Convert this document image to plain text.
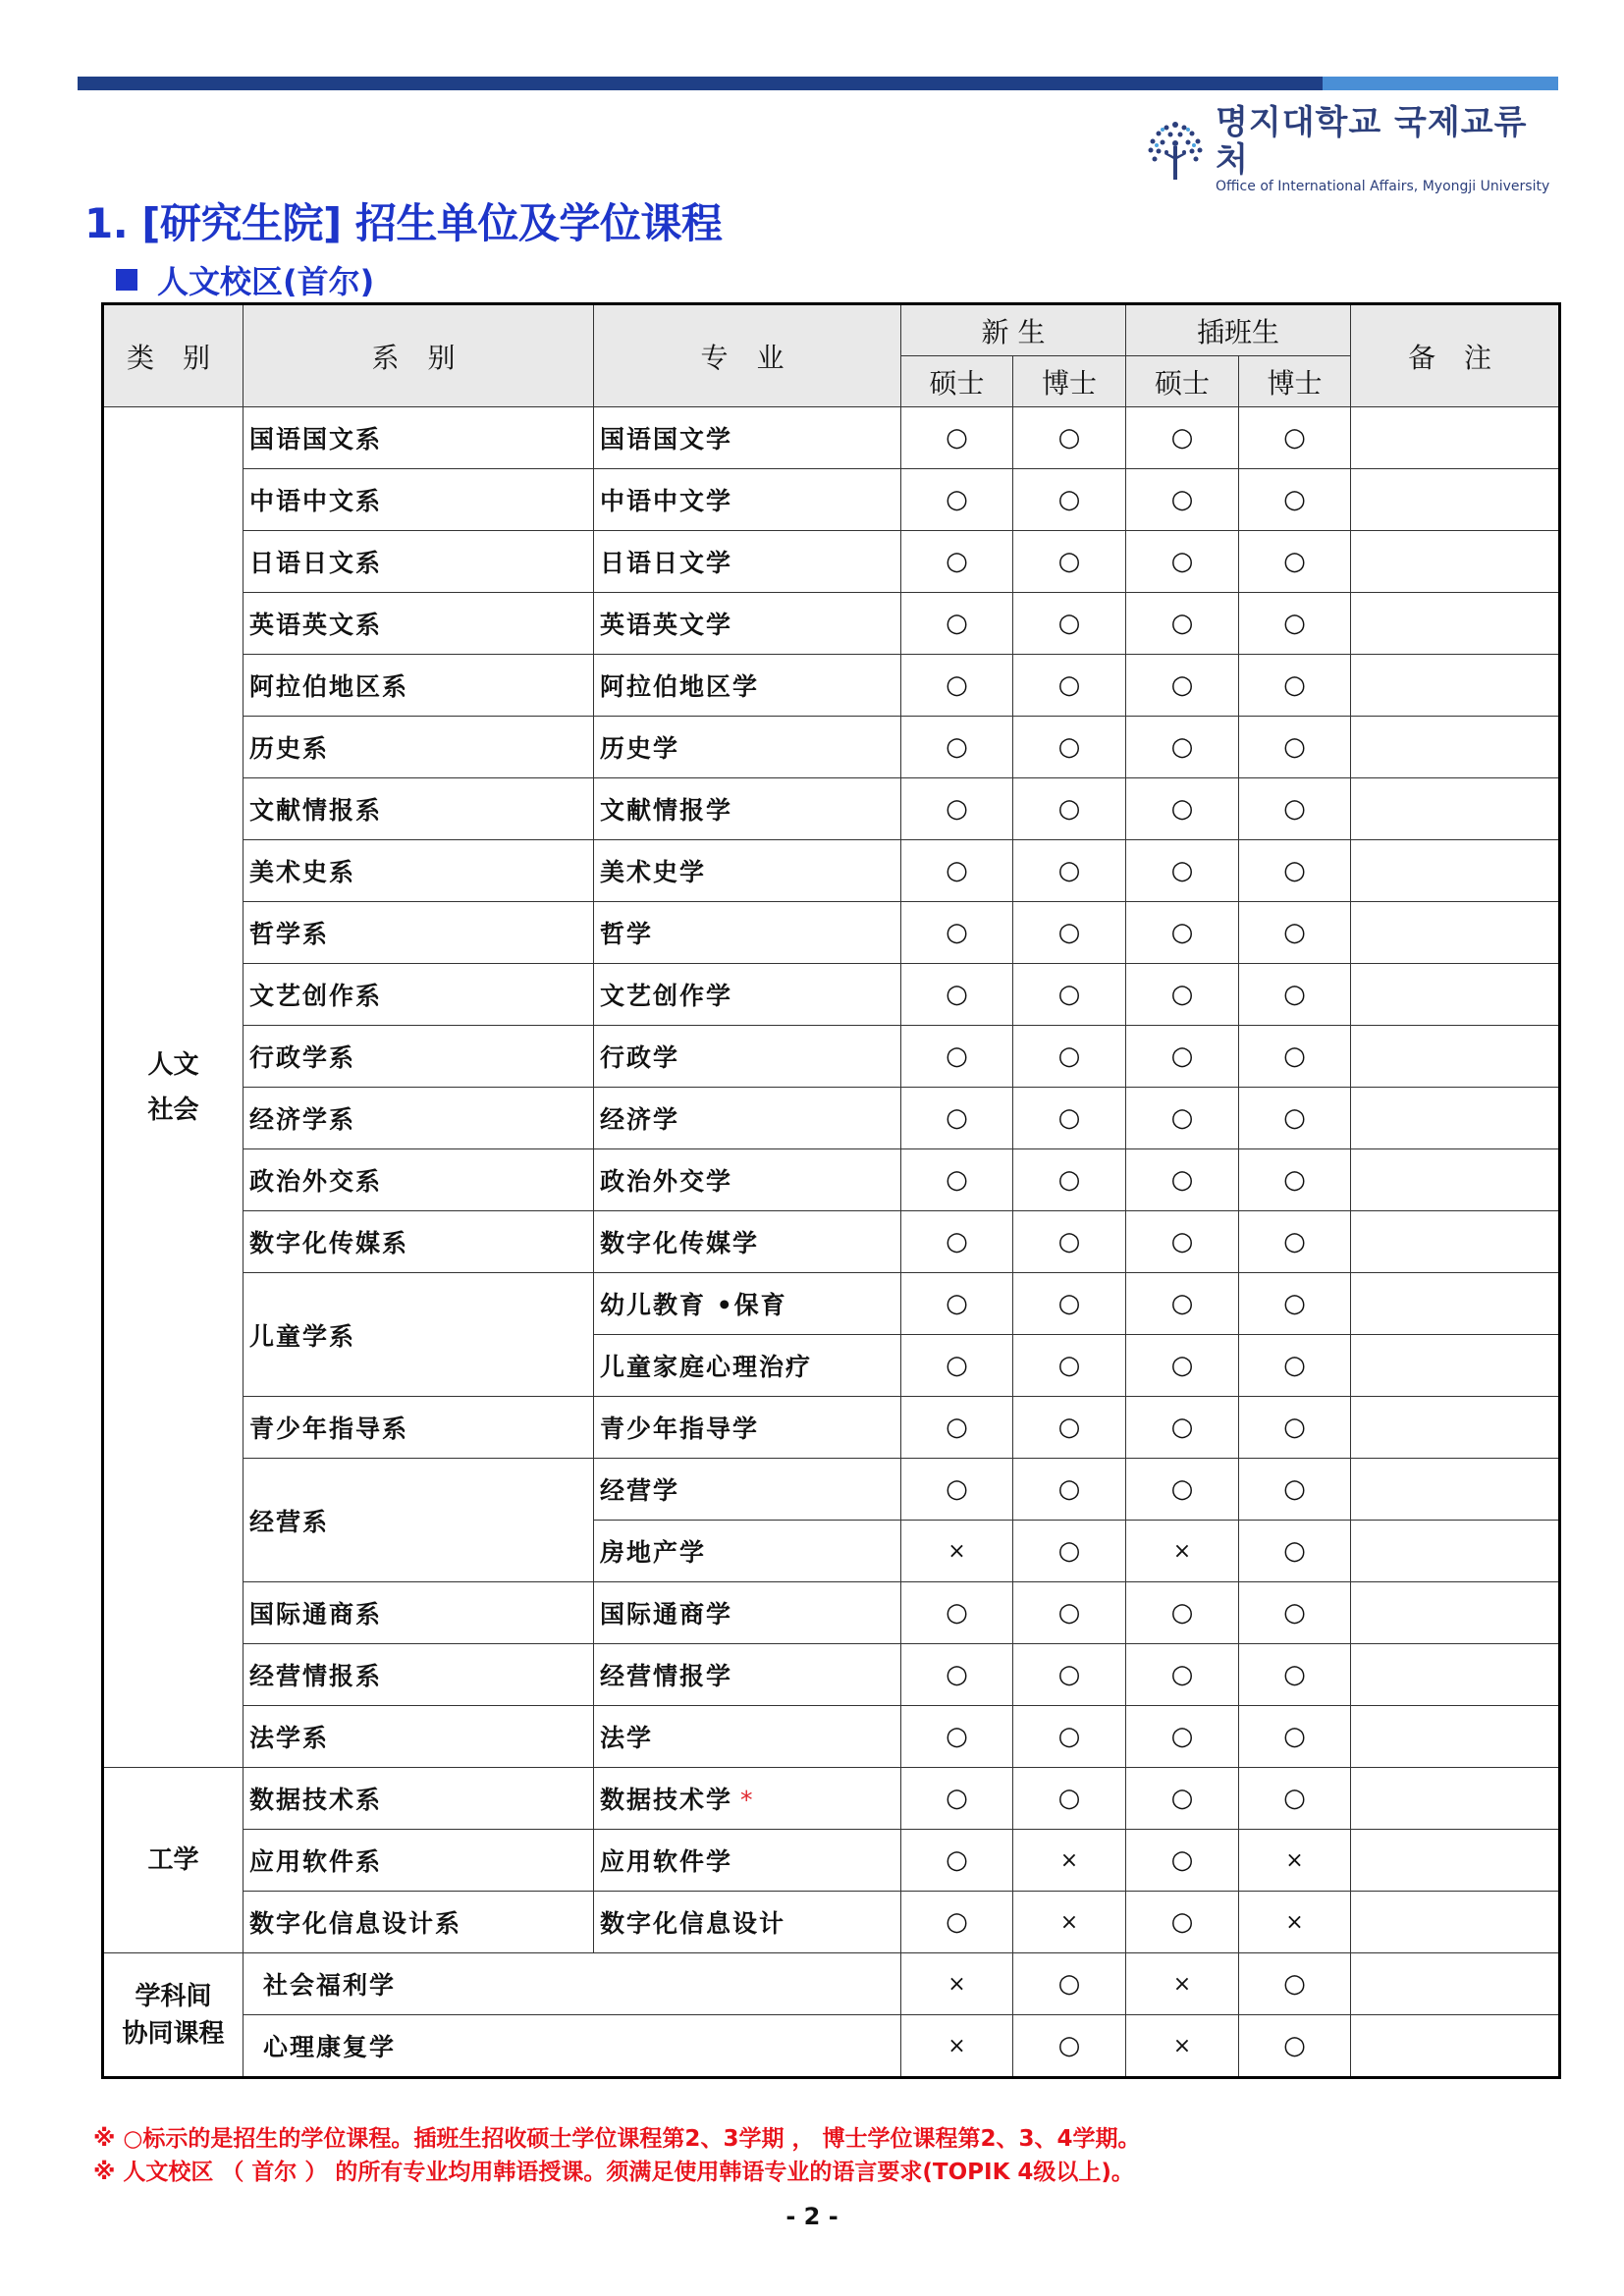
명지대학교 국제교류처
Office of International Affairs, Myongji University
1. [研究生院] 招生单位及学位课程
人文校区(首尔)
类 别	系 别	专 业	新 生		插班生		备 注
			硕士	博士	硕士	博士	

人文
社会	国语国文系	国语国文学	○	○	○	○	
	中语中文系	中语中文学	○	○	○	○	
	日语日文系	日语日文学	○	○	○	○	
	英语英文系	英语英文学	○	○	○	○	
	阿拉伯地区系	阿拉伯地区学	○	○	○	○	
	历史系	历史学	○	○	○	○	
	文献情报系	文献情报学	○	○	○	○	
	美术史系	美术史学	○	○	○	○	
	哲学系	哲学	○	○	○	○	
	文艺创作系	文艺创作学	○	○	○	○	
	行政学系	行政学	○	○	○	○	
	经济学系	经济学	○	○	○	○	
	政治外交系	政治外交学	○	○	○	○	
	数字化传媒系	数字化传媒学	○	○	○	○	
	儿童学系	幼儿教育 •保育	○	○	○	○	
		儿童家庭心理治疗	○	○	○	○	
	青少年指导系	青少年指导学	○	○	○	○	
	经营系	经营学	○	○	○	○	
		房地产学	×	○	×	○	
	国际通商系	国际通商学	○	○	○	○	
	经营情报系	经营情报学	○	○	○	○	
	法学系	法学	○	○	○	○	

工学	数据技术系	数据技术学 *	○	○	○	○	
	应用软件系	应用软件学	○	×	○	×	
	数字化信息设计系	数字化信息设计	○	×	○	×	

学科间
协同课程	社会福利学		×	○	×	○	
	心理康复学		×	○	×	○	
※ ○标示的是招生的学位课程。插班生招收硕士学位课程第2、3学期 ， 博士学位课程第2、3、4学期。
※ 人文校区 （ 首尔 ） 的所有专业均用韩语授课。须满足使用韩语专业的语言要求(TOPIK 4级以上)。
- 2 -
